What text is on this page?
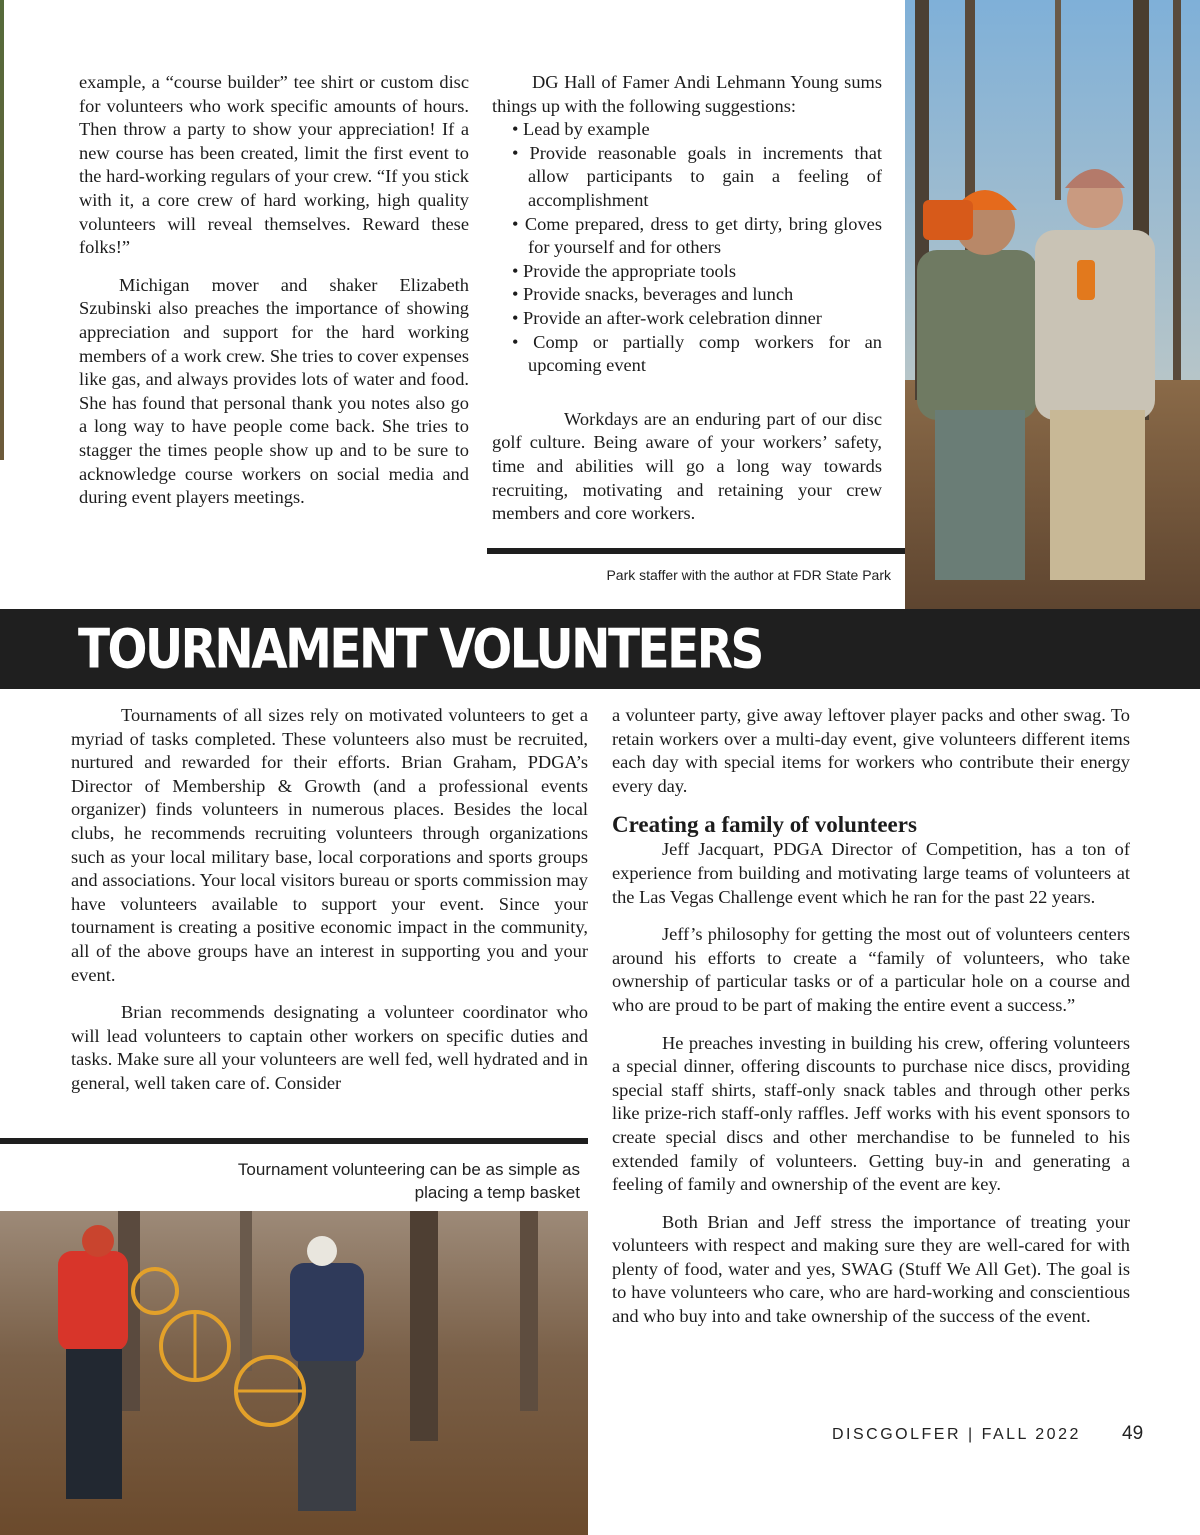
example, a “course builder” tee shirt or custom disc for volunteers who work specific amounts of hours. Then throw a party to show your appreciation! If a new course has been created, limit the first event to the hard-working regulars of your crew. “If you stick with it, a core crew of hard working, high quality volunteers will reveal themselves. Reward these folks!”

Michigan mover and shaker Elizabeth Szubinski also preaches the importance of showing appreciation and support for the hard working members of a work crew. She tries to cover expenses like gas, and always provides lots of water and food. She has found that personal thank you notes also go a long way to have people come back. She tries to stagger the times people show up and to be sure to acknowledge course workers on social media and during event players meetings.

DG Hall of Famer Andi Lehmann Young sums things up with the following suggestions:
• Lead by example
• Provide reasonable goals in increments that allow participants to gain a feeling of accomplishment
• Come prepared, dress to get dirty, bring gloves for yourself and for others
• Provide the appropriate tools
• Provide snacks, beverages and lunch
• Provide an after-work celebration dinner
• Comp or partially comp workers for an upcoming event

Workdays are an enduring part of our disc golf culture. Being aware of your workers’ safety, time and abilities will go a long way towards recruiting, motivating and retaining your crew members and core workers.

Park staffer with the author at FDR State Park
TOURNAMENT VOLUNTEERS

Tournaments of all sizes rely on motivated volunteers to get a myriad of tasks completed. These volunteers also must be recruited, nurtured and rewarded for their efforts. Brian Graham, PDGA’s Director of Membership & Growth (and a professional events organizer) finds volunteers in numerous places. Besides the local clubs, he recommends recruiting volunteers through organizations such as your local military base, local corporations and sports groups and associations. Your local visitors bureau or sports commission may have volunteers available to support your event. Since your tournament is creating a positive economic impact in the community, all of the above groups have an interest in supporting you and your event.

Brian recommends designating a volunteer coordinator who will lead volunteers to captain other workers on specific duties and tasks. Make sure all your volunteers are well fed, well hydrated and in general, well taken care of. Consider

Tournament volunteering can be as simple as
placing a temp basket

a volunteer party, give away leftover player packs and other swag. To retain workers over a multi-day event, give volunteers different items each day with special items for workers who contribute their energy every day.

Creating a family of volunteers

Jeff Jacquart, PDGA Director of Competition, has a ton of experience from building and motivating large teams of volunteers at the Las Vegas Challenge event which he ran for the past 22 years.

Jeff’s philosophy for getting the most out of volunteers centers around his efforts to create a “family of volunteers, who take ownership of particular tasks or of a particular hole on a course and who are proud to be part of making the entire event a success.”

He preaches investing in building his crew, offering volunteers a special dinner, offering discounts to purchase nice discs, providing special staff shirts, staff-only snack tables and through other perks like prize-rich staff-only raffles. Jeff works with his event sponsors to create special discs and other merchandise to be funneled to his extended family of volunteers. Getting buy-in and generating a feeling of family and ownership of the event are key.

Both Brian and Jeff stress the importance of treating your volunteers with respect and making sure they are well-cared for with plenty of food, water and yes, SWAG (Stuff We All Get). The goal is to have volunteers who care, who are hard-working and conscientious and who buy into and take ownership of the success of the event.

DISCGOLFER | FALL 2022 49
